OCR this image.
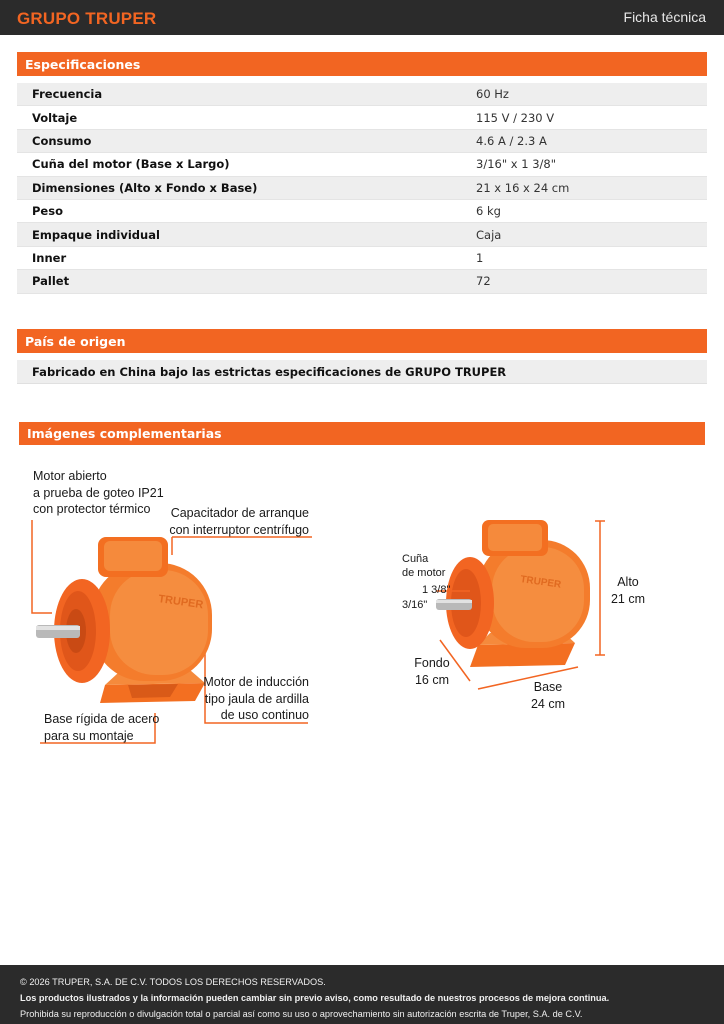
GRUPO TRUPER	Ficha técnica
Especificaciones
Frecuencia	60 Hz
Voltaje	115 V / 230 V
Consumo	4.6 A / 2.3 A
Cuña del motor (Base x Largo)	3/16" x 1 3/8"
Dimensiones (Alto x Fondo x Base)	21 x 16 x 24 cm
Peso	6 kg
Empaque individual	Caja
Inner	1
Pallet	72
País de origen
Fabricado en China bajo las estrictas especificaciones de GRUPO TRUPER
Imágenes complementarias
TRUPER
TRUPER
Motor abierto
a prueba de goteo IP21
con protector térmico	Capacitador de arranque
con interruptor centrífugo
Motor de inducción
tipo jaula de ardilla
de uso continuo
Base rígida de acero
para su montaje
Cuña
de motor
1 3/8"
3/16"
Alto
21 cm
Fondo
16 cm
Base
24 cm
© 2026 TRUPER, S.A. DE C.V. TODOS LOS DERECHOS RESERVADOS.
Los productos ilustrados y la información pueden cambiar sin previo aviso, como resultado de nuestros procesos de mejora continua.
Prohibida su reproducción o divulgación total o parcial así como su uso o aprovechamiento sin autorización escrita de Truper, S.A. de C.V.
